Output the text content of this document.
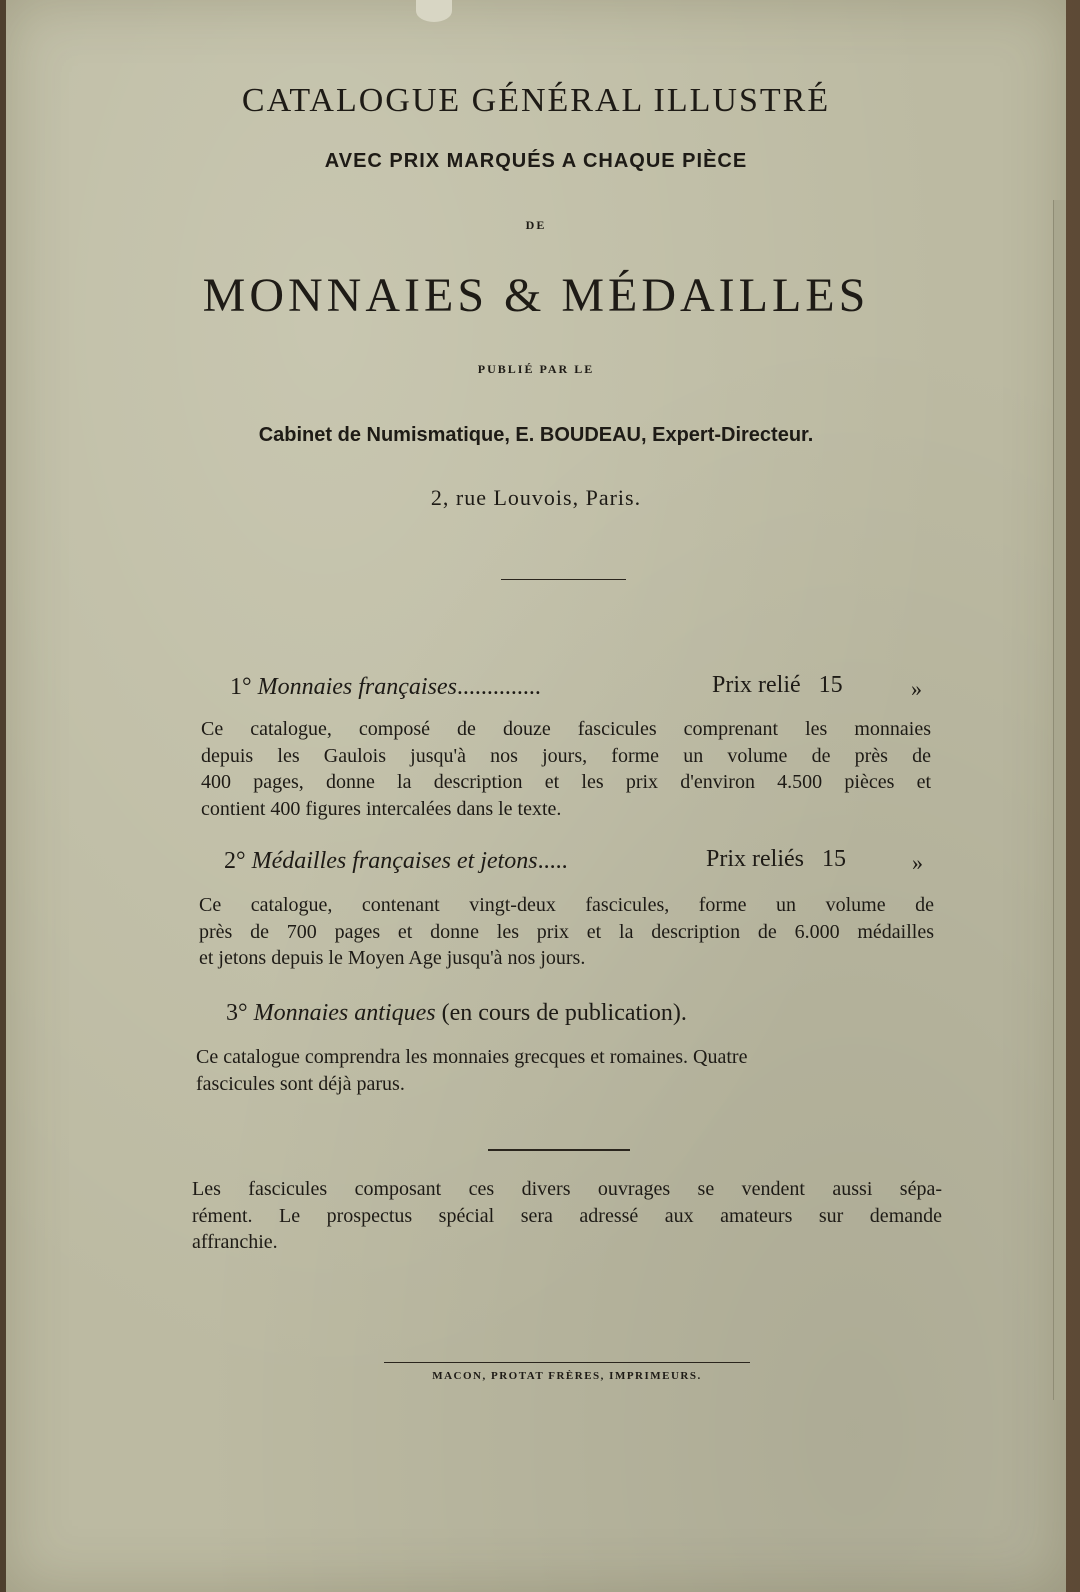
CATALOGUE GÉNÉRAL ILLUSTRÉ
AVEC PRIX MARQUÉS A CHAQUE PIÈCE
DE
MONNAIES & MÉDAILLES
PUBLIÉ PAR LE
Cabinet de Numismatique, E. BOUDEAU, Expert-Directeur.
2, rue Louvois, Paris.
1° Monnaies françaises..............	Prix relié 15	»
Ce catalogue, composé de douze fascicules comprenant les monnaies
depuis les Gaulois jusqu'à nos jours, forme un volume de près de
400 pages, donne la description et les prix d'environ 4.500 pièces et
contient 400 figures intercalées dans le texte.
2° Médailles françaises et jetons.....	Prix reliés 15	»
Ce catalogue, contenant vingt-deux fascicules, forme un volume de
près de 700 pages et donne les prix et la description de 6.000 médailles
et jetons depuis le Moyen Age jusqu'à nos jours.
3° Monnaies antiques (en cours de publication).
Ce catalogue comprendra les monnaies grecques et romaines. Quatre
fascicules sont déjà parus.
Les fascicules composant ces divers ouvrages se vendent aussi sépa-
rément. Le prospectus spécial sera adressé aux amateurs sur demande
affranchie.
MACON, PROTAT FRÈRES, IMPRIMEURS.
